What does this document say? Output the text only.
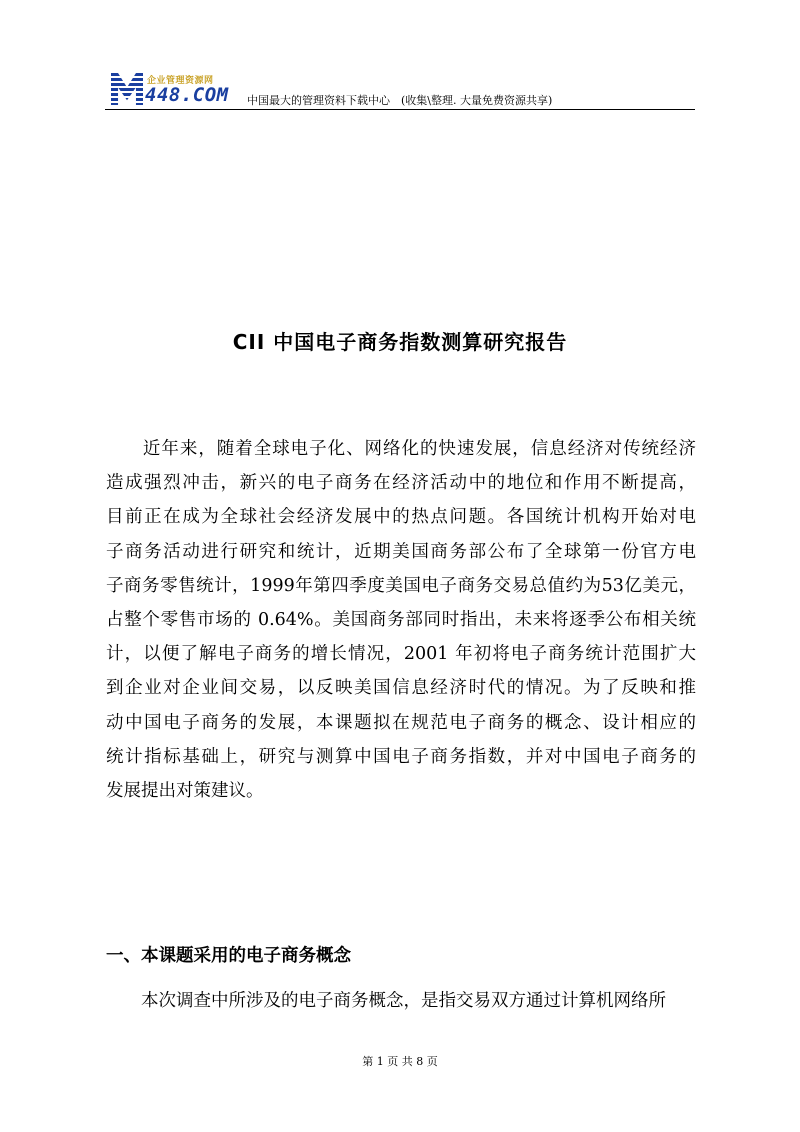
企业管理资源网
448.COM 中国最大的管理资料下载中心　(收集\整理. 大量免费资源共享)
CII 中国电子商务指数测算研究报告
　　近年来，随着全球电子化、网络化的快速发展，信息经济对传统经济
造成强烈冲击，新兴的电子商务在经济活动中的地位和作用不断提高，
目前正在成为全球社会经济发展中的热点问题。各国统计机构开始对电
子商务活动进行研究和统计，近期美国商务部公布了全球第一份官方电
子商务零售统计，1999年第四季度美国电子商务交易总值约为53亿美元，
占整个零售市场的 0.64%。美国商务部同时指出，未来将逐季公布相关统
计，以便了解电子商务的增长情况，2001 年初将电子商务统计范围扩大
到企业对企业间交易，以反映美国信息经济时代的情况。为了反映和推
动中国电子商务的发展，本课题拟在规范电子商务的概念、设计相应的
统计指标基础上，研究与测算中国电子商务指数，并对中国电子商务的
发展提出对策建议。
一、本课题采用的电子商务概念
　　本次调查中所涉及的电子商务概念，是指交易双方通过计算机网络所
第 1 页 共 8 页
